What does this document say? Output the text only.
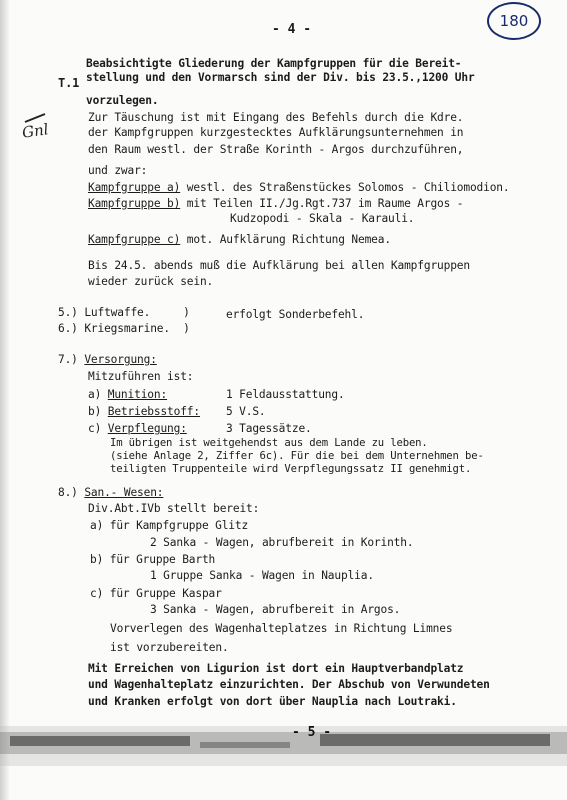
- 4 -	180
Gnl
T.1
Beabsichtigte Gliederung der Kampfgruppen für die Bereit-
stellung und den Vormarsch sind der Div. bis 23.5.,1200 Uhr
vorzulegen.
Zur Täuschung ist mit Eingang des Befehls durch die Kdre.
der Kampfgruppen kurzgestecktes Aufklärungsunternehmen in
den Raum westl. der Straße Korinth - Argos durchzuführen,
und zwar:
Kampfgruppe a) westl. des Straßenstückes Solomos - Chiliomodion.
Kampfgruppe b) mit Teilen II./Jg.Rgt.737 im Raume Argos -
Kudzopodi - Skala - Karauli.
Kampfgruppe c) mot. Aufklärung Richtung Nemea.
Bis 24.5. abends muß die Aufklärung bei allen Kampfgruppen
wieder zurück sein.
5.) Luftwaffe.     )
6.) Kriegsmarine.  )
erfolgt Sonderbefehl.
7.) Versorgung:
Mitzuführen ist:
a) Munition:	1 Feldausstattung.
b) Betriebsstoff: 5 V.S.
c) Verpflegung:	3 Tagessätze.
Im übrigen ist weitgehendst aus dem Lande zu leben.
(siehe Anlage 2, Ziffer 6c). Für die bei dem Unternehmen be-
teiligten Truppenteile wird Verpflegungssatz II genehmigt.
8.) San.- Wesen:
Div.Abt.IVb stellt bereit:
a) für Kampfgruppe Glitz
2 Sanka - Wagen, abrufbereit in Korinth.
b) für Gruppe Barth
1 Gruppe Sanka - Wagen in Nauplia.
c) für Gruppe Kaspar
3 Sanka - Wagen, abrufbereit in Argos.
Vorverlegen des Wagenhalteplatzes in Richtung Limnes
ist vorzubereiten.
Mit Erreichen von Ligurion ist dort ein Hauptverbandplatz
und Wagenhalteplatz einzurichten. Der Abschub von Verwundeten
und Kranken erfolgt von dort über Nauplia nach Loutraki.
- 5 -
